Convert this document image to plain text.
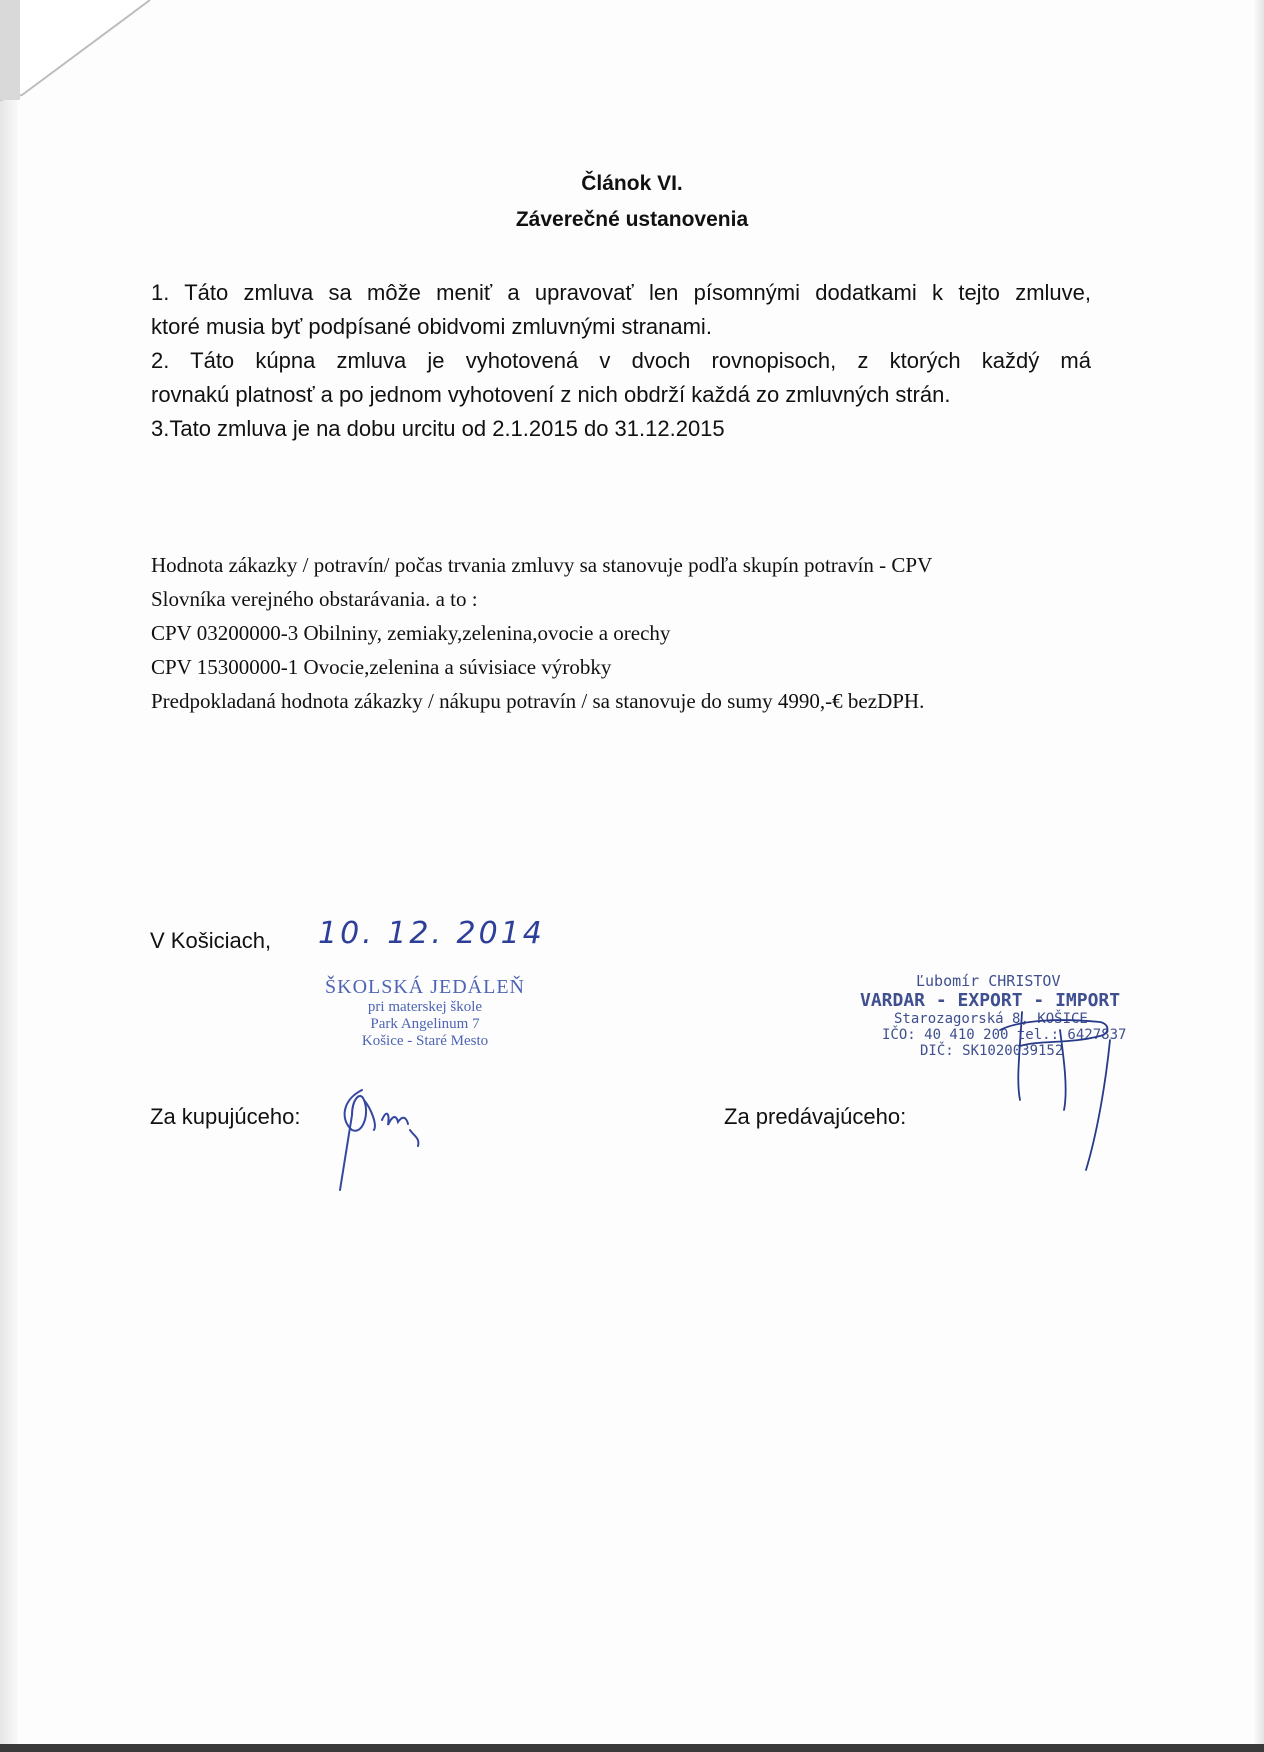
Článok VI.
Záverečné ustanovenia
1. Táto zmluva sa môže meniť a upravovať len písomnými dodatkami k tejto zmluve,
ktoré musia byť podpísané obidvomi zmluvnými stranami.
2. Táto kúpna zmluva je vyhotovená v dvoch rovnopisoch, z ktorých každý má
rovnakú platnosť a po jednom vyhotovení z nich obdrží každá zo zmluvných strán.
3.Tato zmluva je na dobu urcitu od 2.1.2015 do 31.12.2015
Hodnota zákazky / potravín/ počas trvania zmluvy sa stanovuje podľa skupín potravín - CPV
Slovníka verejného obstarávania. a to :
CPV 03200000-3 Obilniny, zemiaky,zelenina,ovocie a orechy
CPV 15300000-1 Ovocie,zelenina a súvisiace výrobky
Predpokladaná hodnota zákazky / nákupu potravín / sa stanovuje do sumy 4990,-€ bezDPH.
V Košiciach, 10. 12. 2014
ŠKOLSKÁ JEDÁLEŇ
pri materskej škole
Park Angelinum 7
Košice - Staré Mesto
Ľubomír CHRISTOV
VARDAR - EXPORT - IMPORT
Starozagorská 8, KOŠICE
IČO: 40 410 200 tel.: 6427837
DIČ: SK1020039152
Za kupujúceho:	Za predávajúceho:
